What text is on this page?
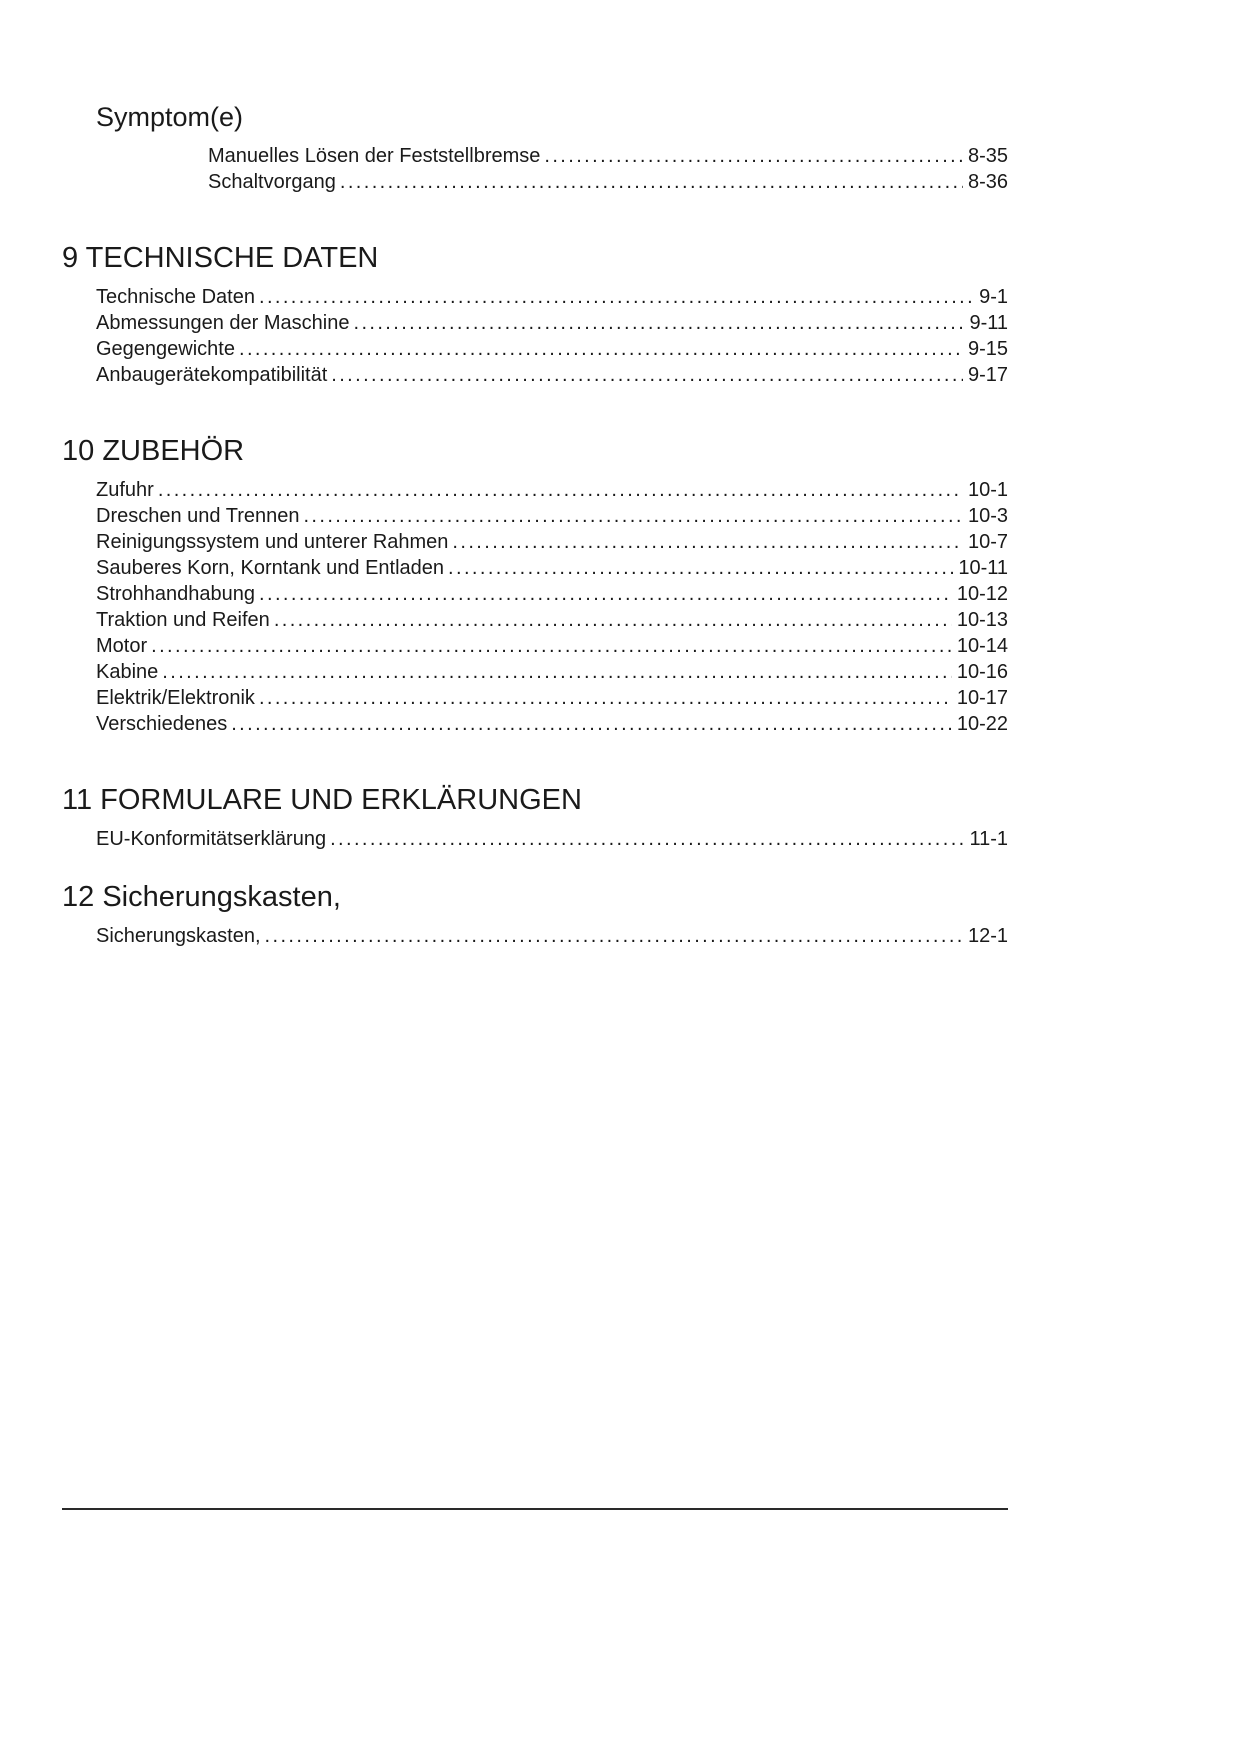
Symptom(e)
Manuelles Lösen der Feststellbremse .....	8-35
Schaltvorgang .....	8-36
9 TECHNISCHE DATEN
Technische Daten .....	9-1
Abmessungen der Maschine .....	9-11
Gegengewichte .....	9-15
Anbaugerätekompatibilität .....	9-17
10 ZUBEHÖR
Zufuhr .....	10-1
Dreschen und Trennen .....	10-3
Reinigungssystem und unterer Rahmen .....	10-7
Sauberes Korn, Korntank und Entladen .....	10-11
Strohhandhabung .....	10-12
Traktion und Reifen .....	10-13
Motor .....	10-14
Kabine .....	10-16
Elektrik/Elektronik .....	10-17
Verschiedenes .....	10-22
11 FORMULARE UND ERKLÄRUNGEN
EU-Konformitätserklärung .....	11-1
12 Sicherungskasten,
Sicherungskasten, .....	12-1
